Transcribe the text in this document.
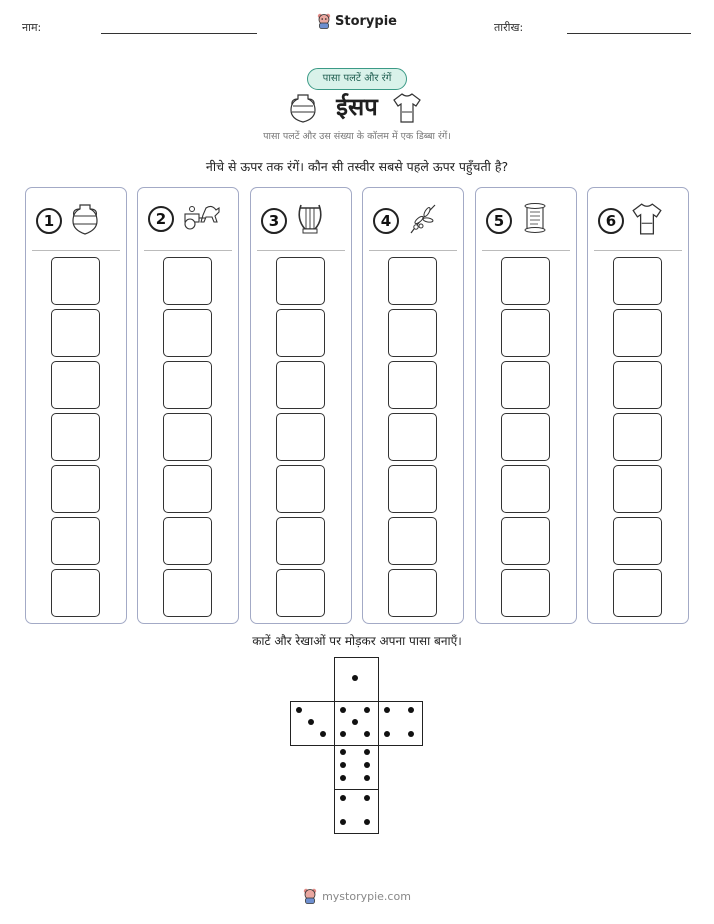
नाम:	Storypie	तारीख:
पासा पलटें और रंगें
ईसप
पासा पलटें और उस संख्या के कॉलम में एक डिब्बा रंगें।
नीचे से ऊपर तक रंगें। कौन सी तस्वीर सबसे पहले ऊपर पहुँचती है?
1	2	3	4	5	6
काटें और रेखाओं पर मोड़कर अपना पासा बनाएँ।
mystorypie.com
